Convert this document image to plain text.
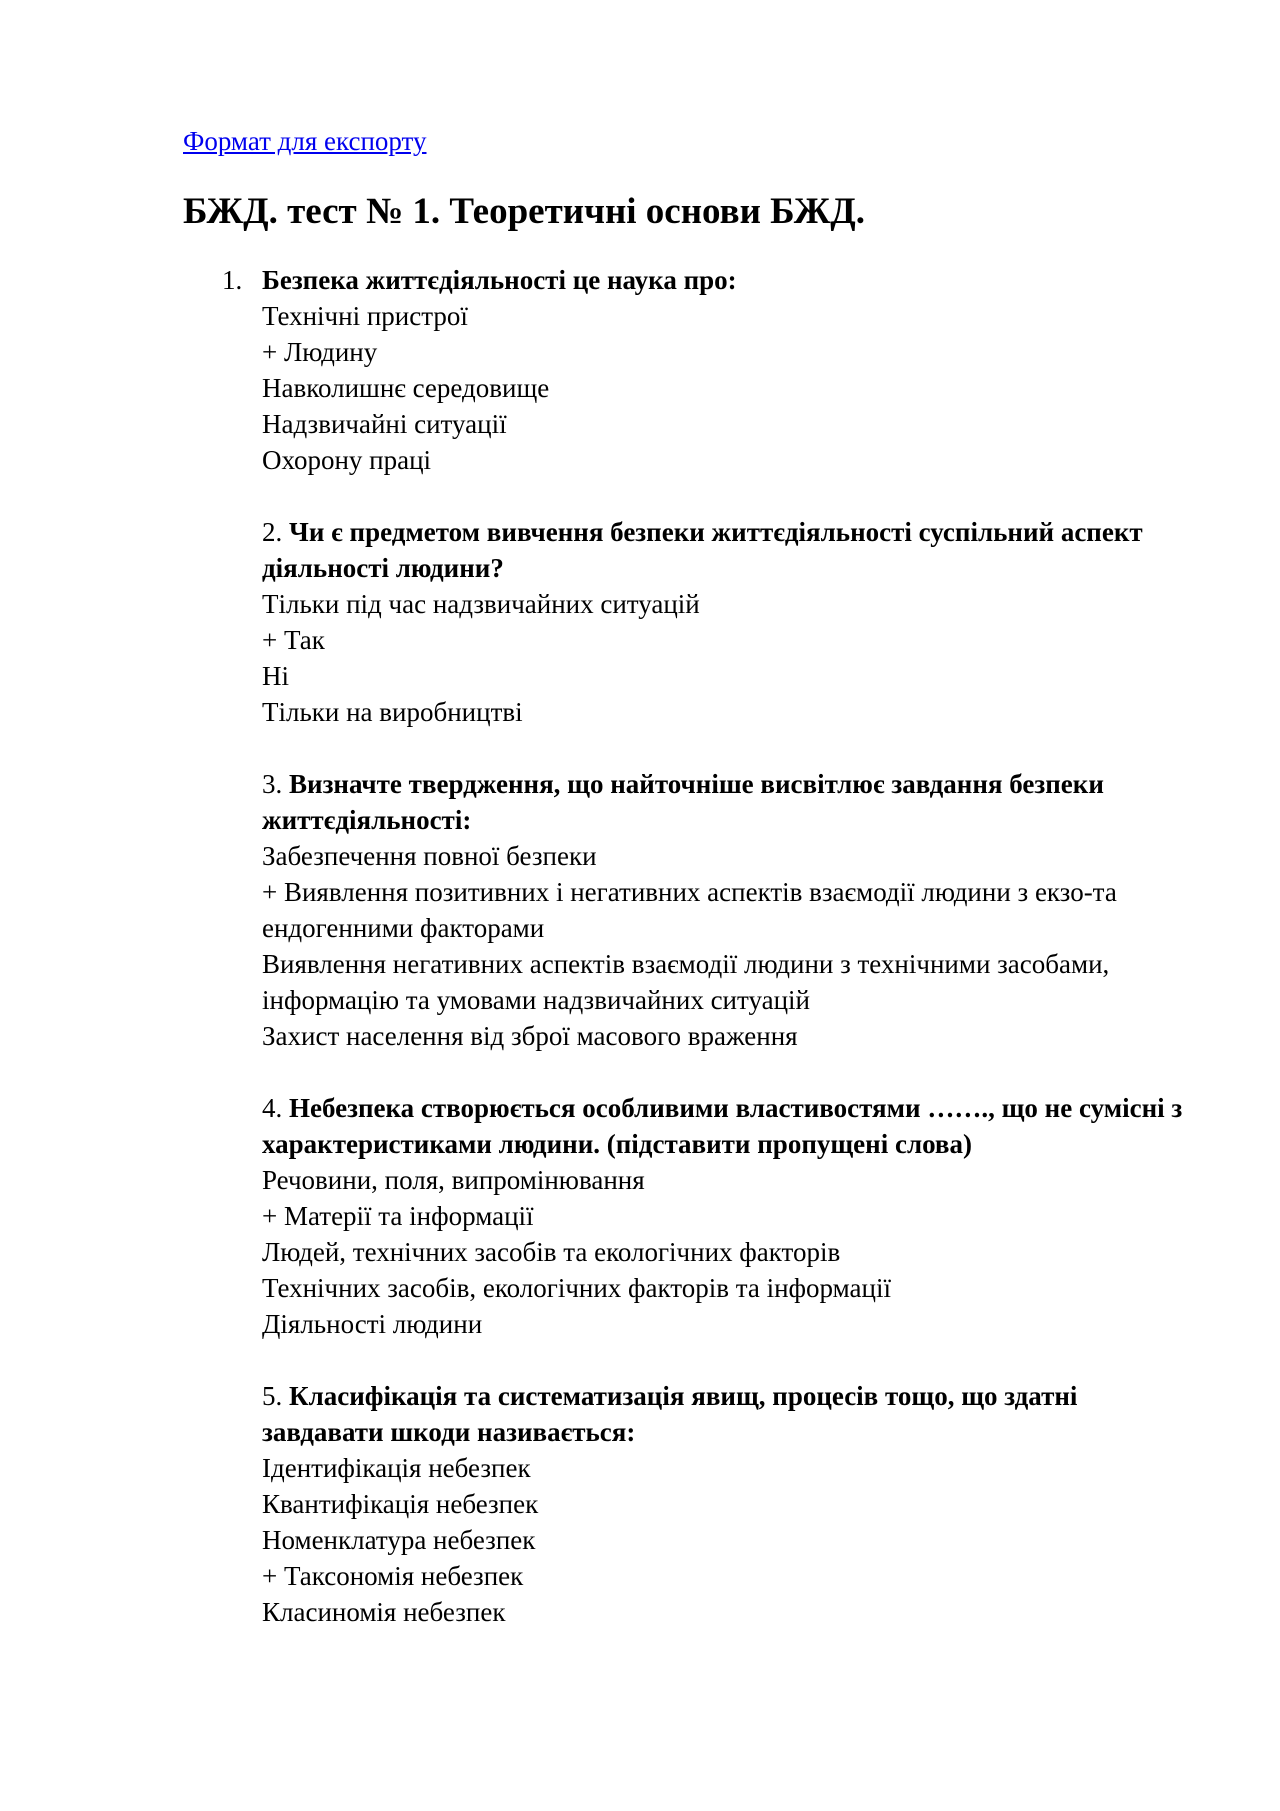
Формат для експорту
БЖД. тест № 1. Теоретичні основи БЖД.
1. Безпека життєдіяльності це наука про:
Технічні пристрої
+ Людину
Навколишнє середовище
Надзвичайні ситуації
Охорону праці
2. Чи є предметом вивчення безпеки життєдіяльності суспільний аспект діяльності людини?
Тільки під час надзвичайних ситуацій
+ Так
Ні
Тільки на виробництві
3. Визначте твердження, що найточніше висвітлює завдання безпеки життєдіяльності:
Забезпечення повної безпеки
+ Виявлення позитивних і негативних аспектів взаємодії людини з екзо-та ендогенними факторами
Виявлення негативних аспектів взаємодії людини з технічними засобами, інформацію та умовами надзвичайних ситуацій
Захист населення від зброї масового враження
4. Небезпека створюється особливими властивостями ……., що не сумісні з характеристиками людини. (підставити пропущені слова)
Речовини, поля, випромінювання
+ Матерії та інформації
Людей, технічних засобів та екологічних факторів
Технічних засобів, екологічних факторів та інформації
Діяльності людини
5. Класифікація та систематизація явищ, процесів тощо, що здатні завдавати шкоди називається:
Ідентифікація небезпек
Квантифікація небезпек
Номенклатура небезпек
+ Таксономія небезпек
Класиномія небезпек
